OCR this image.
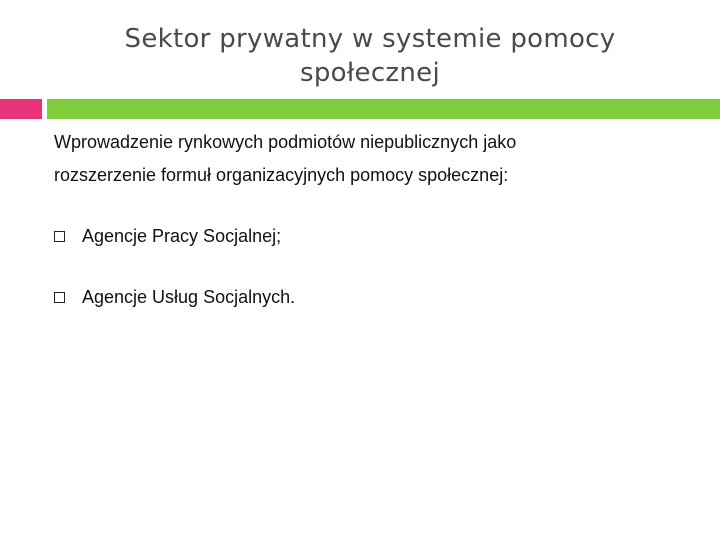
Sektor prywatny w systemie pomocy
społecznej
Wprowadzenie rynkowych podmiotów niepublicznych jako
rozszerzenie formuł organizacyjnych pomocy społecznej:
Agencje Pracy Socjalnej;
Agencje Usług Socjalnych.
